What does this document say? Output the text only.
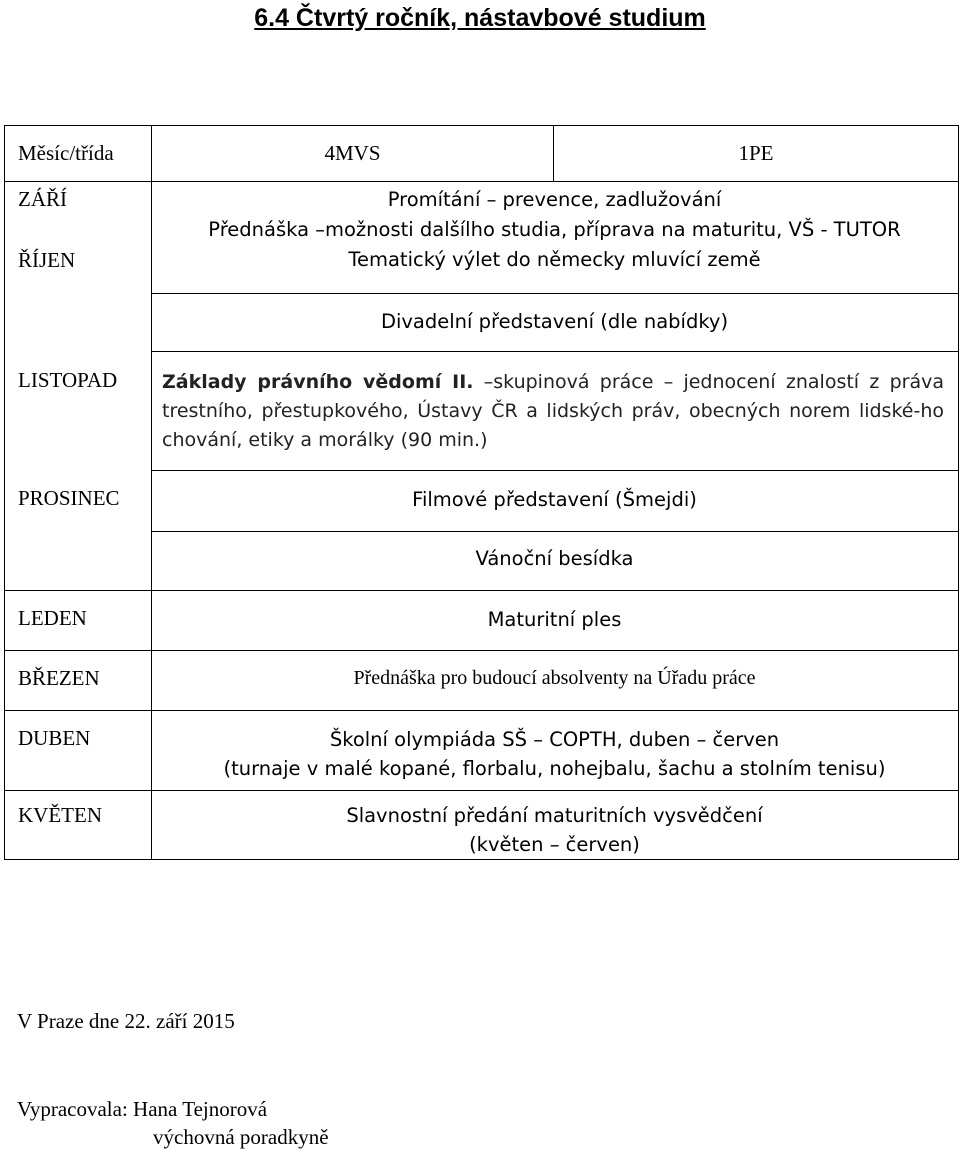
6.4 Čtvrtý ročník, nástavbové studium
Měsíc/třída	4MVS	1PE
ZÁŘÍ
ŘÍJEN
LISTOPAD
PROSINEC
LEDEN
BŘEZEN
DUBEN
KVĚTEN
Promítání – prevence, zadlužování
Přednáška –možnosti dalšílho studia, příprava na maturitu, VŠ - TUTOR
Tematický výlet do německy mluvící země
Divadelní představení (dle nabídky)
Základy právního vědomí II. –skupinová práce – jednocení znalostí z práva trestního, přestupkového, Ústavy ČR a lidských práv, obecných norem lidské-ho chování, etiky a morálky (90 min.)
Filmové představení (Šmejdi)
Vánoční besídka
Maturitní ples
Přednáška pro budoucí absolventy na Úřadu práce
Školní olympiáda SŠ – COPTH, duben – červen
(turnaje v malé kopané, florbalu, nohejbalu, šachu a stolním tenisu)
Slavnostní předání maturitních vysvědčení
(květen – červen)
V Praze dne 22. září 2015
Vypracovala: Hana Tejnorová
výchovná poradkyně
